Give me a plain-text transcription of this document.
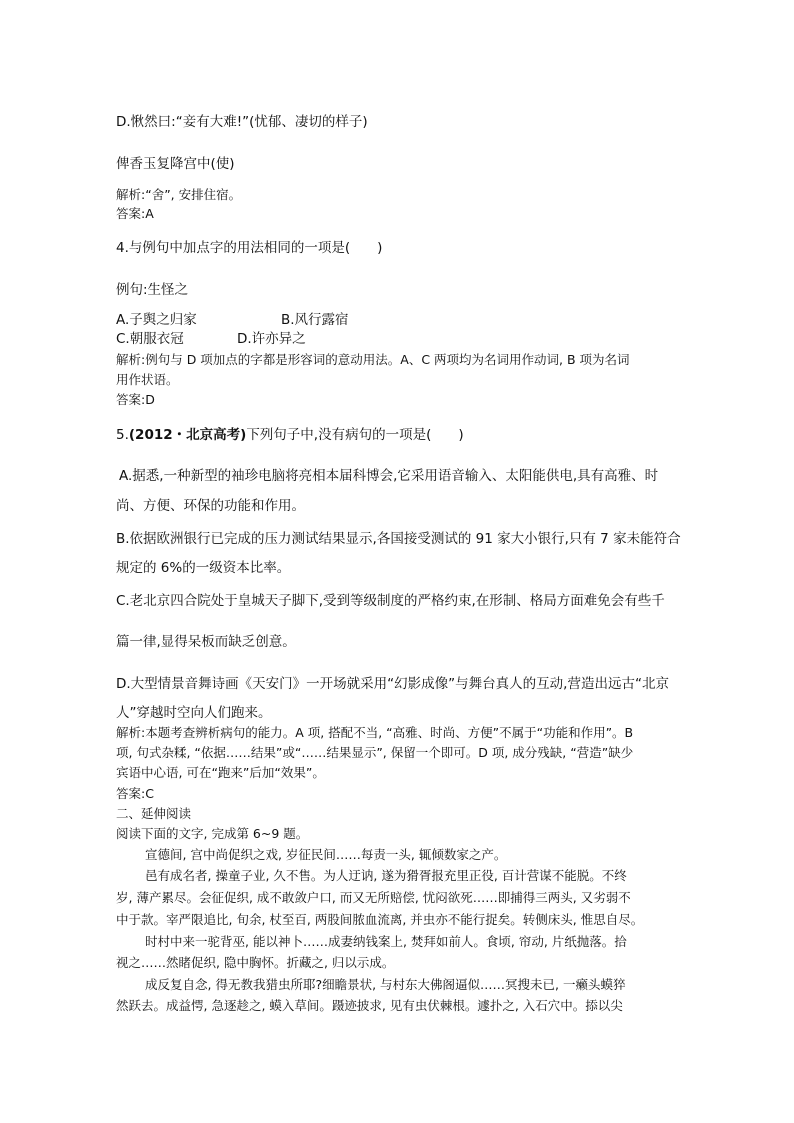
D.愀然曰:“妾有大难!”(忧郁、凄切的样子)
俾香玉复降宫中(使)
解析:“舍”, 安排住宿。
答案:A
4.与例句中加点字的用法相同的一项是(　　)
例句:生怪之
A.子舆之归家	B.风行露宿
C.朝服衣冠	D.许亦异之
解析:例句与 D 项加点的字都是形容词的意动用法。A、C 两项均为名词用作动词, B 项为名词
用作状语。
答案:D
5.(2012・北京高考)下列句子中,没有病句的一项是(　　)
A.据悉,一种新型的袖珍电脑将亮相本届科博会,它采用语音输入、太阳能供电,具有高雅、时
尚、方便、环保的功能和作用。
B.依据欧洲银行已完成的压力测试结果显示,各国接受测试的 91 家大小银行,只有 7 家未能符合
规定的 6%的一级资本比率。
C.老北京四合院处于皇城天子脚下,受到等级制度的严格约束,在形制、格局方面难免会有些千
篇一律,显得呆板而缺乏创意。
D.大型情景音舞诗画《天安门》一开场就采用“幻影成像”与舞台真人的互动,营造出远古“北京
人”穿越时空向人们跑来。
解析:本题考查辨析病句的能力。A 项, 搭配不当, “高雅、时尚、方便”不属于“功能和作用”。B
项, 句式杂糅, “依据……结果”或“……结果显示”, 保留一个即可。D 项, 成分残缺, “营造”缺少
宾语中心语, 可在“跑来”后加“效果”。
答案:C
二、延伸阅读
阅读下面的文字, 完成第 6~9 题。
宣德间, 宫中尚促织之戏, 岁征民间……每责一头, 辄倾数家之产。
邑有成名者, 操童子业, 久不售。为人迂讷, 遂为猾胥报充里正役, 百计营谋不能脱。不终
岁, 薄产累尽。会征促织, 成不敢敛户口, 而又无所赔偿, 忧闷欲死……即捕得三两头, 又劣弱不
中于款。宰严限追比, 旬余, 杖至百, 两股间脓血流离, 并虫亦不能行捉矣。转侧床头, 惟思自尽。
时村中来一驼背巫, 能以神卜……成妻纳钱案上, 焚拜如前人。食顷, 帘动, 片纸抛落。拾
视之……然睹促织, 隐中胸怀。折藏之, 归以示成。
成反复自念, 得无教我猎虫所耶?细瞻景状, 与村东大佛阁逼似……冥搜未已, 一癞头蟆猝
然跃去。成益愕, 急逐趁之, 蟆入草间。蹑迹披求, 见有虫伏棘根。遽扑之, 入石穴中。掭以尖
